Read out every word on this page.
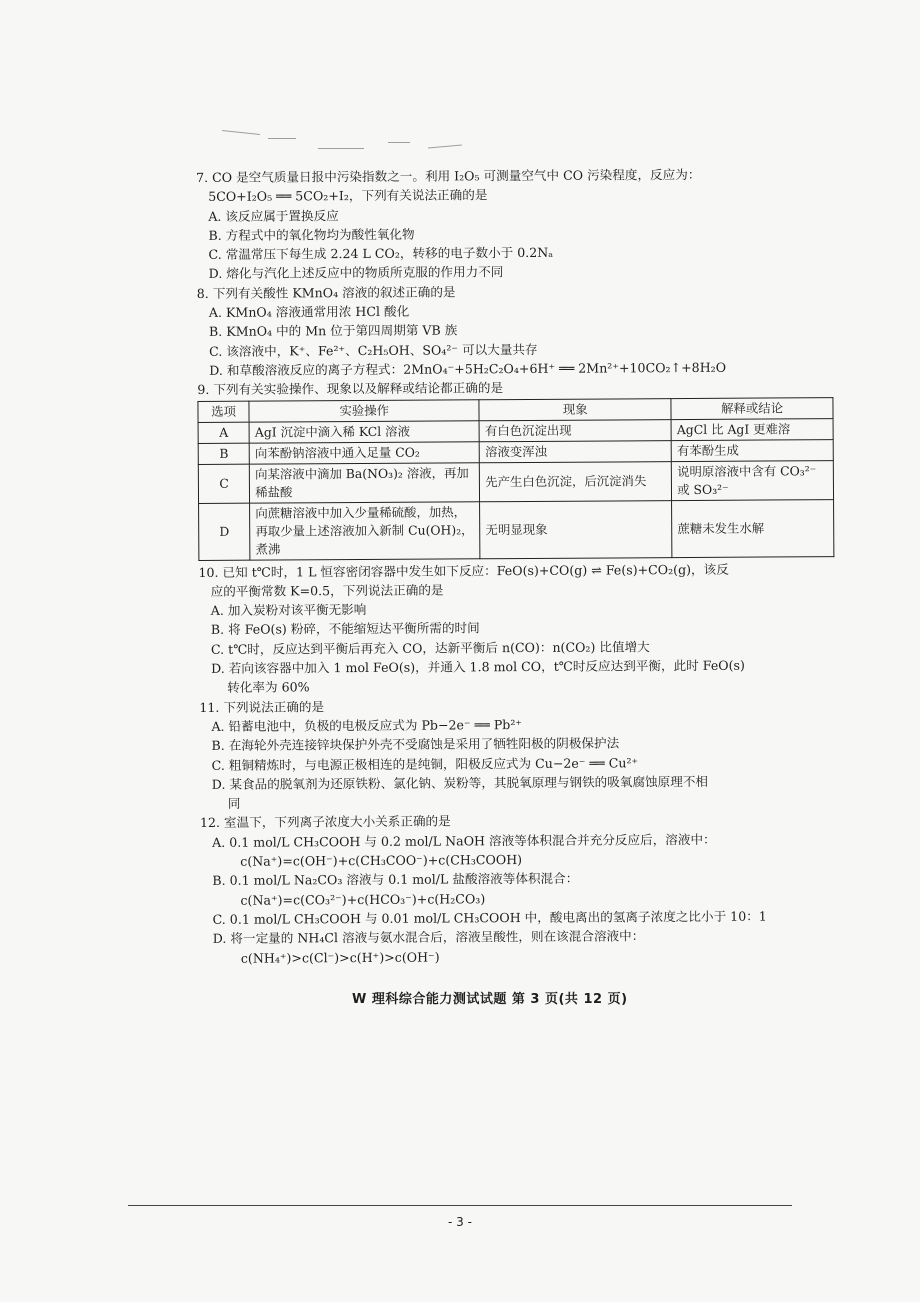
7. CO 是空气质量日报中污染指数之一。利用 I₂O₅ 可测量空气中 CO 污染程度，反应为：
5CO+I₂O₅ ══ 5CO₂+I₂，下列有关说法正确的是
A. 该反应属于置换反应
B. 方程式中的氧化物均为酸性氧化物
C. 常温常压下每生成 2.24 L CO₂，转移的电子数小于 0.2Nₐ
D. 熔化与汽化上述反应中的物质所克服的作用力不同
8. 下列有关酸性 KMnO₄ 溶液的叙述正确的是
A. KMnO₄ 溶液通常用浓 HCl 酸化
B. KMnO₄ 中的 Mn 位于第四周期第 ⅤB 族
C. 该溶液中，K⁺、Fe²⁺、C₂H₅OH、SO₄²⁻ 可以大量共存
D. 和草酸溶液反应的离子方程式：2MnO₄⁻+5H₂C₂O₄+6H⁺ ══ 2Mn²⁺+10CO₂↑+8H₂O
9. 下列有关实验操作、现象以及解释或结论都正确的是
选项	实验操作	现象	解释或结论
A	AgI 沉淀中滴入稀 KCl 溶液	有白色沉淀出现	AgCl 比 AgI 更难溶
B	向苯酚钠溶液中通入足量 CO₂	溶液变浑浊	有苯酚生成
C	向某溶液中滴加 Ba(NO₃)₂ 溶液，再加稀盐酸	先产生白色沉淀，后沉淀消失	说明原溶液中含有 CO₃²⁻ 或 SO₃²⁻
D	向蔗糖溶液中加入少量稀硫酸，加热，再取少量上述溶液加入新制 Cu(OH)₂，煮沸	无明显现象	蔗糖未发生水解
10. 已知 t℃时，1 L 恒容密闭容器中发生如下反应：FeO(s)+CO(g) ⇌ Fe(s)+CO₂(g)，该反
应的平衡常数 K=0.5，下列说法正确的是
A. 加入炭粉对该平衡无影响
B. 将 FeO(s) 粉碎，不能缩短达平衡所需的时间
C. t℃时，反应达到平衡后再充入 CO，达新平衡后 n(CO)：n(CO₂) 比值增大
D. 若向该容器中加入 1 mol FeO(s)，并通入 1.8 mol CO，t℃时反应达到平衡，此时 FeO(s)
转化率为 60%
11. 下列说法正确的是
A. 铅蓄电池中，负极的电极反应式为 Pb−2e⁻ ══ Pb²⁺
B. 在海轮外壳连接锌块保护外壳不受腐蚀是采用了牺牲阳极的阴极保护法
C. 粗铜精炼时，与电源正极相连的是纯铜，阳极反应式为 Cu−2e⁻ ══ Cu²⁺
D. 某食品的脱氧剂为还原铁粉、氯化钠、炭粉等，其脱氧原理与钢铁的吸氧腐蚀原理不相
同
12. 室温下，下列离子浓度大小关系正确的是
A. 0.1 mol/L CH₃COOH 与 0.2 mol/L NaOH 溶液等体积混合并充分反应后，溶液中：
c(Na⁺)=c(OH⁻)+c(CH₃COO⁻)+c(CH₃COOH)
B. 0.1 mol/L Na₂CO₃ 溶液与 0.1 mol/L 盐酸溶液等体积混合：
c(Na⁺)=c(CO₃²⁻)+c(HCO₃⁻)+c(H₂CO₃)
C. 0.1 mol/L CH₃COOH 与 0.01 mol/L CH₃COOH 中，酸电离出的氢离子浓度之比小于 10：1
D. 将一定量的 NH₄Cl 溶液与氨水混合后，溶液呈酸性，则在该混合溶液中：
c(NH₄⁺)>c(Cl⁻)>c(H⁺)>c(OH⁻)
W 理科综合能力测试试题 第 3 页(共 12 页)
- 3 -
